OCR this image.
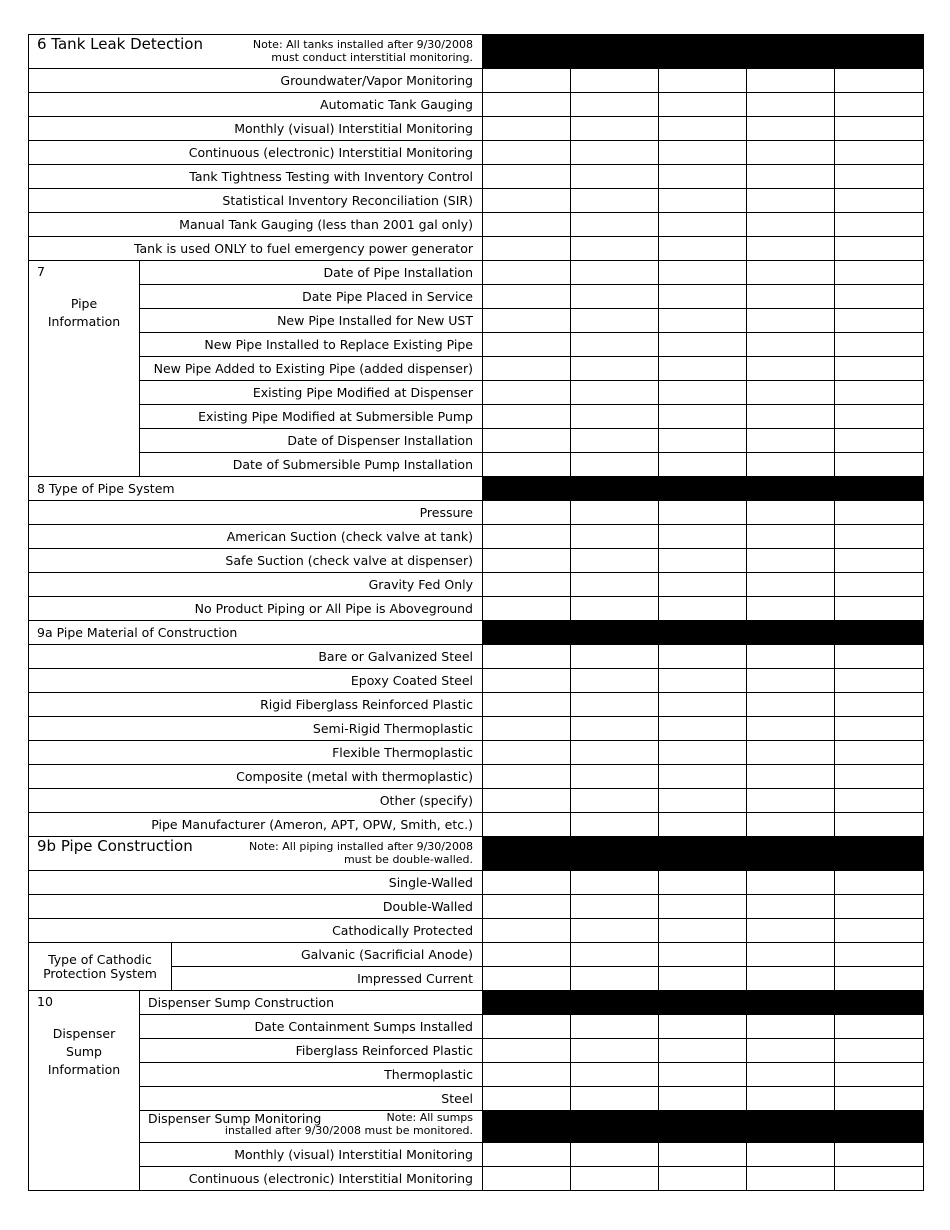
6 Tank Leak Detection Note: All tanks installed after 9/30/2008
must conduct interstitial monitoring.							

Groundwater/Vapor Monitoring							
Automatic Tank Gauging							
Monthly (visual) Interstitial Monitoring							
Continuous (electronic) Interstitial Monitoring							
Tank Tightness Testing with Inventory Control							
Statistical Inventory Reconciliation (SIR)							
Manual Tank Gauging (less than 2001 gal only)							
Tank is used ONLY to fuel emergency power generator							

7
Pipe
Information	Date of Pipe Installation						
	Date Pipe Placed in Service						
	New Pipe Installed for New UST						
	New Pipe Installed to Replace Existing Pipe						
	New Pipe Added to Existing Pipe (added dispenser)						
	Existing Pipe Modified at Dispenser						
	Existing Pipe Modified at Submersible Pump						
	Date of Dispenser Installation						
	Date of Submersible Pump Installation						
8 Type of Pipe System							
Pressure							
American Suction (check valve at tank)							
Safe Suction (check valve at dispenser)							
Gravity Fed Only							
No Product Piping or All Pipe is Aboveground							
9a Pipe Material of Construction							
Bare or Galvanized Steel							
Epoxy Coated Steel							
Rigid Fiberglass Reinforced Plastic							
Semi-Rigid Thermoplastic							
Flexible Thermoplastic							
Composite (metal with thermoplastic)							
Other (specify)							
Pipe Manufacturer (Ameron, APT, OPW, Smith, etc.)							

9b Pipe Construction Note: All piping installed after 9/30/2008
must be double-walled.							

Single-Walled							
Double-Walled							
Cathodically Protected							

Type of Cathodic
Protection System		Galvanic (Sacrificial Anode)					
		Impressed Current					

10
Dispenser
Sump
Information	Dispenser Sump Construction						
	Date Containment Sumps Installed						
	Fiberglass Reinforced Plastic						
	Thermoplastic						
	Steel						

	Dispenser Sump Monitoring Note: All sumps
installed after 9/30/2008 must be monitored.						

	Monthly (visual) Interstitial Monitoring						
	Continuous (electronic) Interstitial Monitoring						
